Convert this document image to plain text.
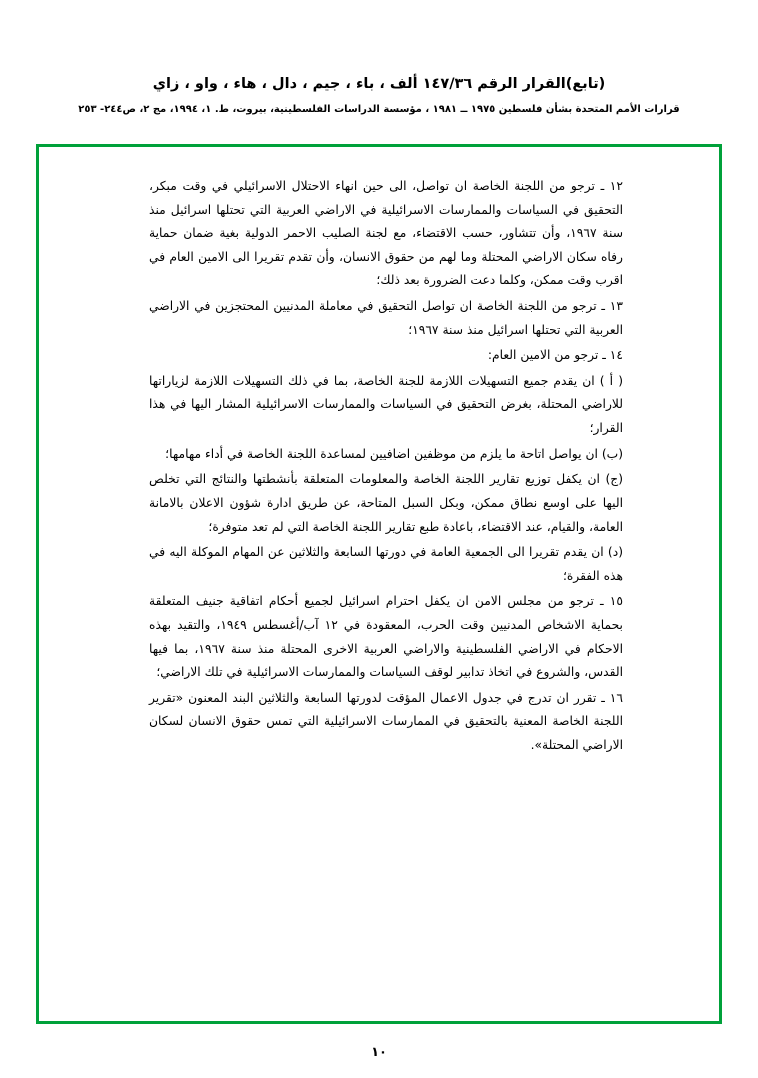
(تابع)القرار الرقم ١٤٧/٣٦ ألف ، باء ، جيم ، دال ، هاء ، واو ، زاي
قرارات الأمم المتحدة بشأن فلسطين ١٩٧٥ ــ ١٩٨١ ، مؤسسة الدراسات الفلسطينية، بيروت، ط. ١، ١٩٩٤، مج ٢، ص٢٤٤- ٢٥٣

١٢ ـ ترجو من اللجنة الخاصة ان تواصل، الى حين انهاء الاحتلال الاسرائيلي في وقت مبكر، التحقيق في السياسات والممارسات الاسرائيلية في الاراضي العربية التي تحتلها اسرائيل منذ سنة ١٩٦٧، وأن تتشاور، حسب الاقتضاء، مع لجنة الصليب الاحمر الدولية بغية ضمان حماية رفاه سكان الاراضي المحتلة وما لهم من حقوق الانسان، وأن تقدم تقريرا الى الامين العام في اقرب وقت ممكن، وكلما دعت الضرورة بعد ذلك؛

١٣ ـ ترجو من اللجنة الخاصة ان تواصل التحقيق في معاملة المدنيين المحتجزين في الاراضي العربية التي تحتلها اسرائيل منذ سنة ١٩٦٧؛

١٤ ـ ترجو من الامين العام:

( أ ) ان يقدم جميع التسهيلات اللازمة للجنة الخاصة، بما في ذلك التسهيلات اللازمة لزياراتها للاراضي المحتلة، بغرض التحقيق في السياسات والممارسات الاسرائيلية المشار اليها في هذا القرار؛

(ب) ان يواصل اتاحة ما يلزم من موظفين اضافيين لمساعدة اللجنة الخاصة في أداء مهامها؛

(ج) ان يكفل توزيع تقارير اللجنة الخاصة والمعلومات المتعلقة بأنشطتها والنتائج التي تخلص اليها على اوسع نطاق ممكن، وبكل السبل المتاحة، عن طريق ادارة شؤون الاعلان بالامانة العامة، والقيام، عند الاقتضاء، باعادة طبع تقارير اللجنة الخاصة التي لم تعد متوفرة؛

(د) ان يقدم تقريرا الى الجمعية العامة في دورتها السابعة والثلاثين عن المهام الموكلة اليه في هذه الفقرة؛

١٥ ـ ترجو من مجلس الامن ان يكفل احترام اسرائيل لجميع أحكام اتفاقية جنيف المتعلقة بحماية الاشخاص المدنيين وقت الحرب، المعقودة في ١٢ آب/أغسطس ١٩٤٩، والتقيد بهذه الاحكام في الاراضي الفلسطينية والاراضي العربية الاخرى المحتلة منذ سنة ١٩٦٧، بما فيها القدس، والشروع في اتخاذ تدابير لوقف السياسات والممارسات الاسرائيلية في تلك الاراضي؛

١٦ ـ تقرر ان تدرج في جدول الاعمال المؤقت لدورتها السابعة والثلاثين البند المعنون «تقرير اللجنة الخاصة المعنية بالتحقيق في الممارسات الاسرائيلية التي تمس حقوق الانسان لسكان الاراضي المحتلة».

١٠
